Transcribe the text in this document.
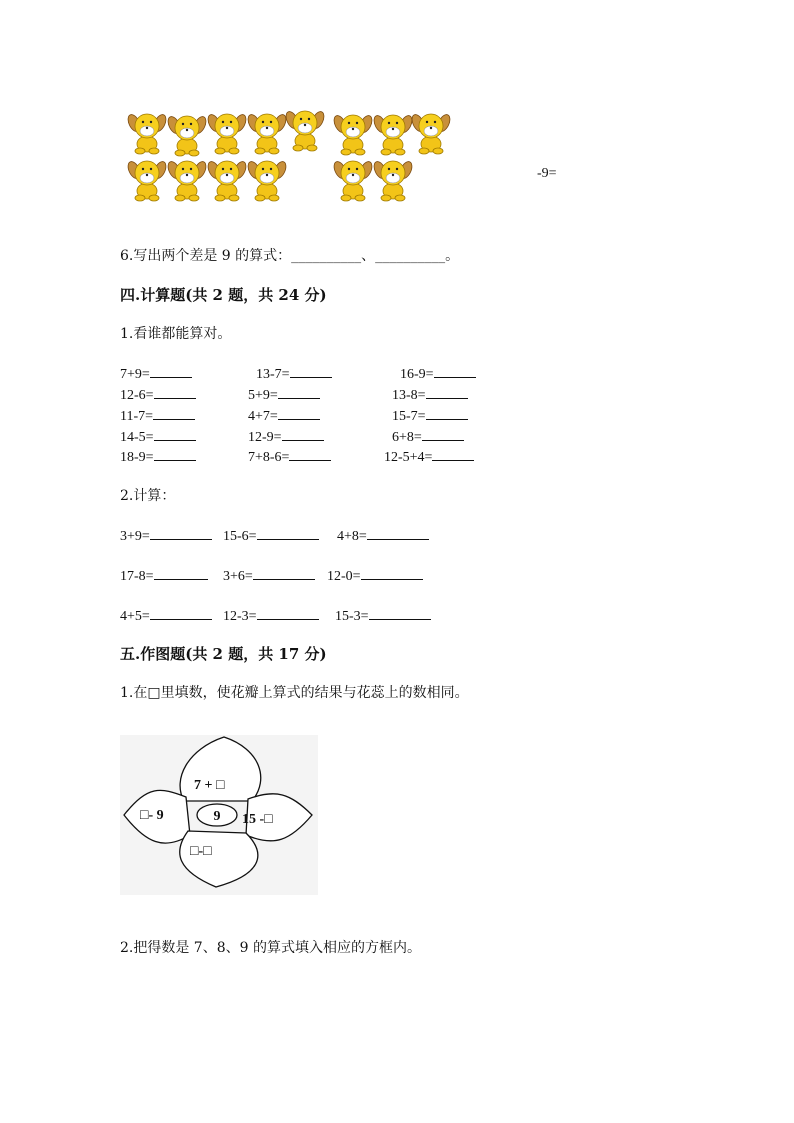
-9=
6.写出两个差是 9 的算式：__________、__________。
四.计算题(共 2 题，共 24 分)
1.看谁都能算对。
7+9=	13-7=	16-9=
12-6=	5+9=	13-8=
11-7=	4+7=	15-7=
14-5=	12-9=	6+8=
18-9=	7+8-6=	12-5+4=
2.计算：
3+9=	15-6=	4+8=
17-8=	3+6=	12-0=
4+5=	12-3=	15-3=
五.作图题(共 2 题，共 17 分)
1.在□里填数，使花瓣上算式的结果与花蕊上的数相同。
9
7 + □
□- 9	15 -□
□-□
2.把得数是 7、8、9 的算式填入相应的方框内。
